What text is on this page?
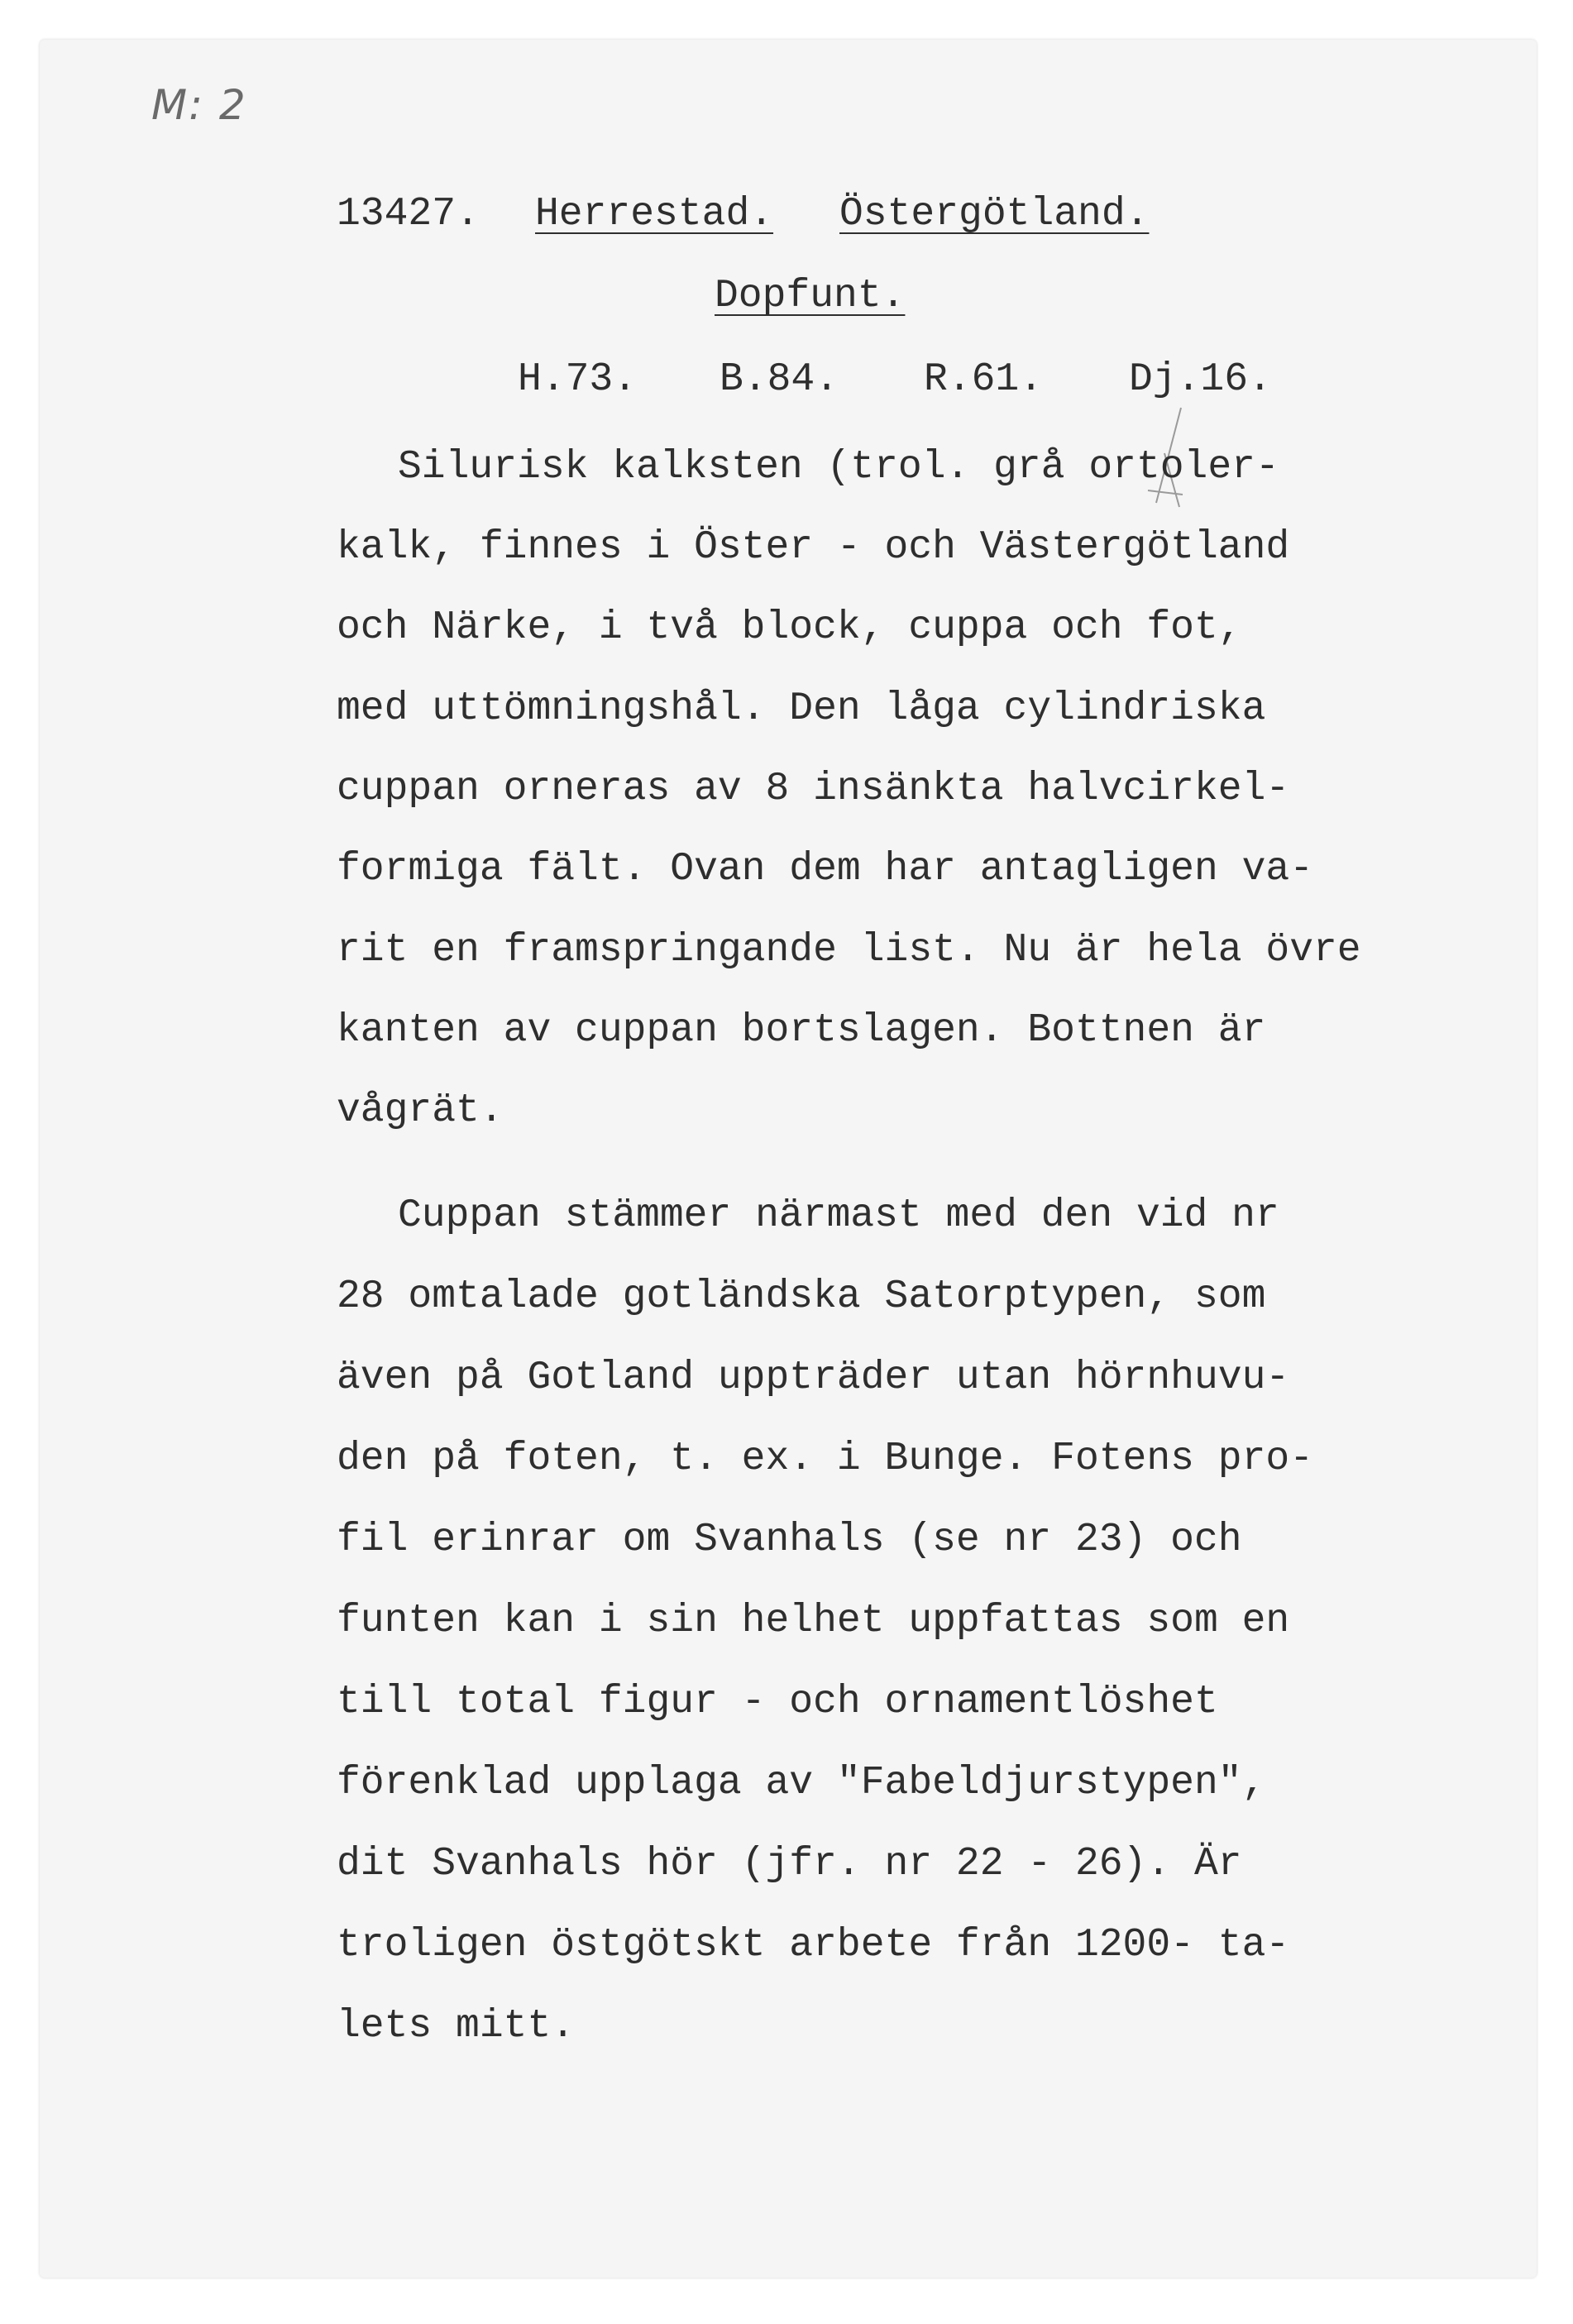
M: 2
13427. Herrestad. Östergötland.
Dopfunt.
H.73. B.84. R.61. Dj.16.
Silurisk kalksten (trol. grå ortoler-
kalk, finnes i Öster - och Västergötland
och Närke, i två block, cuppa och fot,
med uttömningshål. Den låga cylindriska
cuppan orneras av 8 insänkta halvcirkel-
formiga fält. Ovan dem har antagligen va-
rit en framspringande list. Nu är hela övre
kanten av cuppan bortslagen. Bottnen är
vågrät.
Cuppan stämmer närmast med den vid nr
28 omtalade gotländska Satorptypen, som
även på Gotland uppträder utan hörnhuvu-
den på foten, t. ex. i Bunge. Fotens pro-
fil erinrar om Svanhals (se nr 23) och
funten kan i sin helhet uppfattas som en
till total figur - och ornamentlöshet
förenklad upplaga av "Fabeldjurstypen",
dit Svanhals hör (jfr. nr 22 - 26). Är
troligen östgötskt arbete från 1200- ta-
lets mitt.
